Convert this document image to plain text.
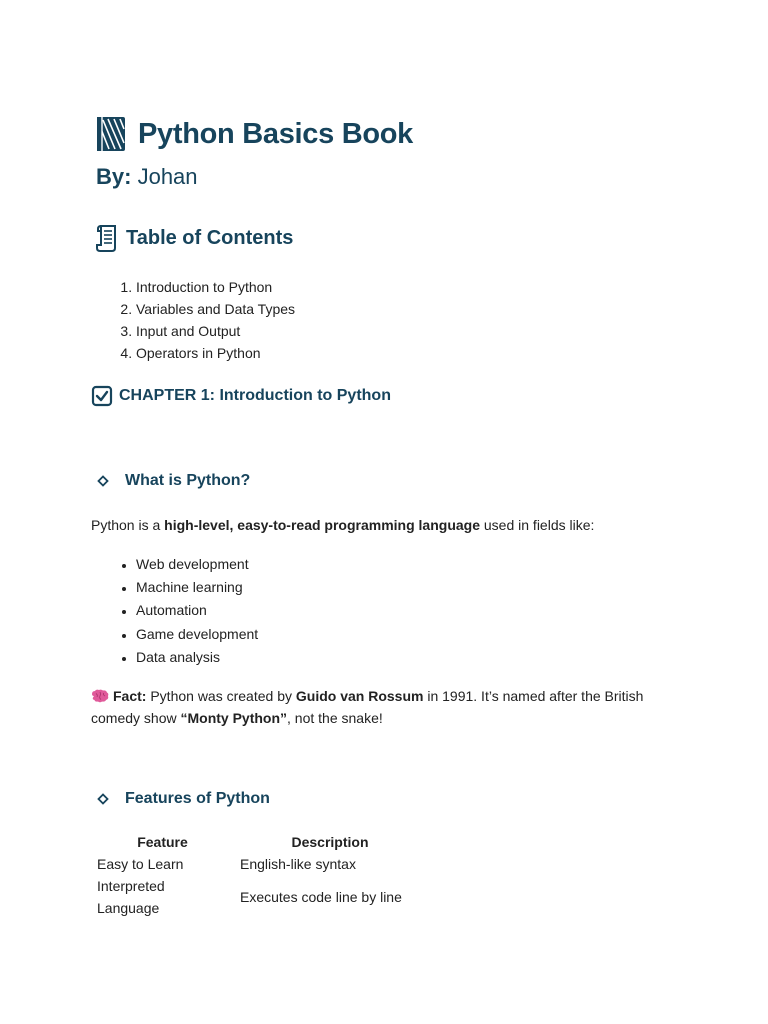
Python Basics Book
By: Johan
Table of Contents
1. Introduction to Python
2. Variables and Data Types
3. Input and Output
4. Operators in Python
CHAPTER 1: Introduction to Python
What is Python?
Python is a high-level, easy-to-read programming language used in fields like:
• Web development
• Machine learning
• Automation
• Game development
• Data analysis
Fact: Python was created by Guido van Rossum in 1991. It’s named after the British comedy show “Monty Python”, not the snake!
Features of Python
Feature	Description
Easy to Learn	English-like syntax
Interpreted Language	Executes code line by line
